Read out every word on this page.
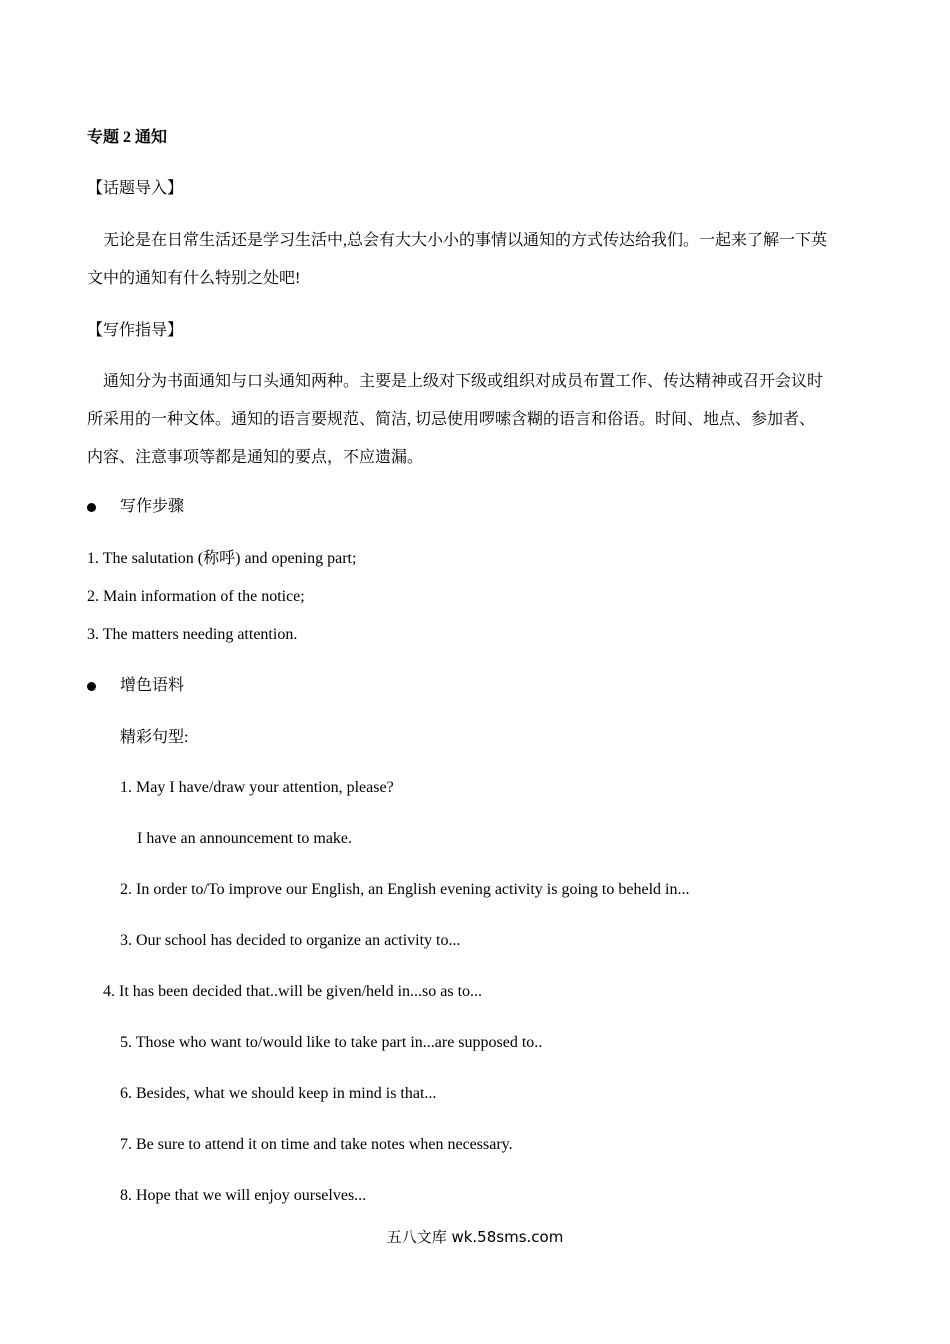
专题 2 通知
【话题导入】
无论是在日常生活还是学习生活中,总会有大大小小的事情以通知的方式传达给我们。一起来了解一下英
文中的通知有什么特别之处吧!
【写作指导】
通知分为书面通知与口头通知两种。主要是上级对下级或组织对成员布置工作、传达精神或召开会议时
所采用的一种文体。通知的语言要规范、简洁, 切忌使用啰嗦含糊的语言和俗语。时间、地点、参加者、
内容、注意事项等都是通知的要点，不应遗漏。
写作步骤
1. The salutation (称呼) and opening part;
2. Main information of the notice;
3. The matters needing attention.
增色语料
精彩句型:
1. May I have/draw your attention, please?
I have an announcement to make.
2. In order to/To improve our English, an English evening activity is going to beheld in...
3. Our school has decided to organize an activity to...
4. It has been decided that..will be given/held in...so as to...
5. Those who want to/would like to take part in...are supposed to..
6. Besides, what we should keep in mind is that...
7. Be sure to attend it on time and take notes when necessary.
8. Hope that we will enjoy ourselves...
五八文库 wk.58sms.com
